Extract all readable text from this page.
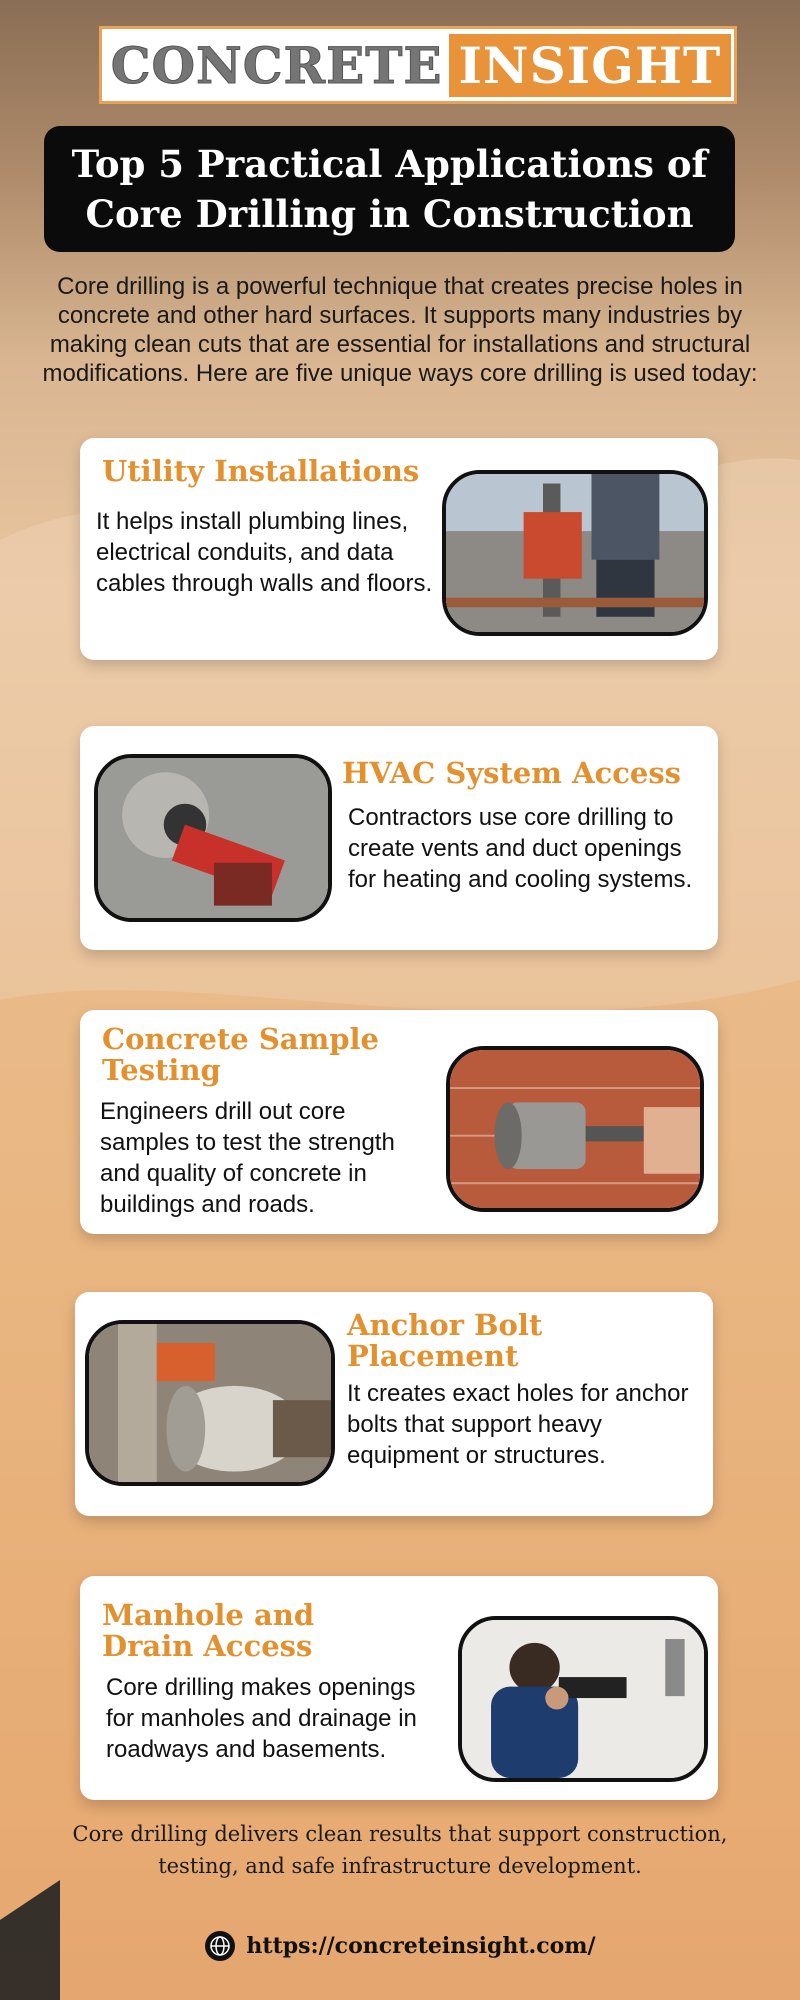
CONCRETE INSIGHT
Top 5 Practical Applications of
Core Drilling in Construction

Core drilling is a powerful technique that creates precise holes in concrete and other hard surfaces. It supports many industries by making clean cuts that are essential for installations and structural modifications. Here are five unique ways core drilling is used today:

Utility Installations
It helps install plumbing lines, electrical conduits, and data cables through walls and floors.
HVAC System Access
Contractors use core drilling to create vents and duct openings for heating and cooling systems.
Concrete Sample Testing
Engineers drill out core samples to test the strength and quality of concrete in buildings and roads.
Anchor Bolt Placement
It creates exact holes for anchor bolts that support heavy equipment or structures.
Manhole and Drain Access
Core drilling makes openings for manholes and drainage in roadways and basements.

Core drilling delivers clean results that support construction, testing, and safe infrastructure development.

https://concreteinsight.com/
